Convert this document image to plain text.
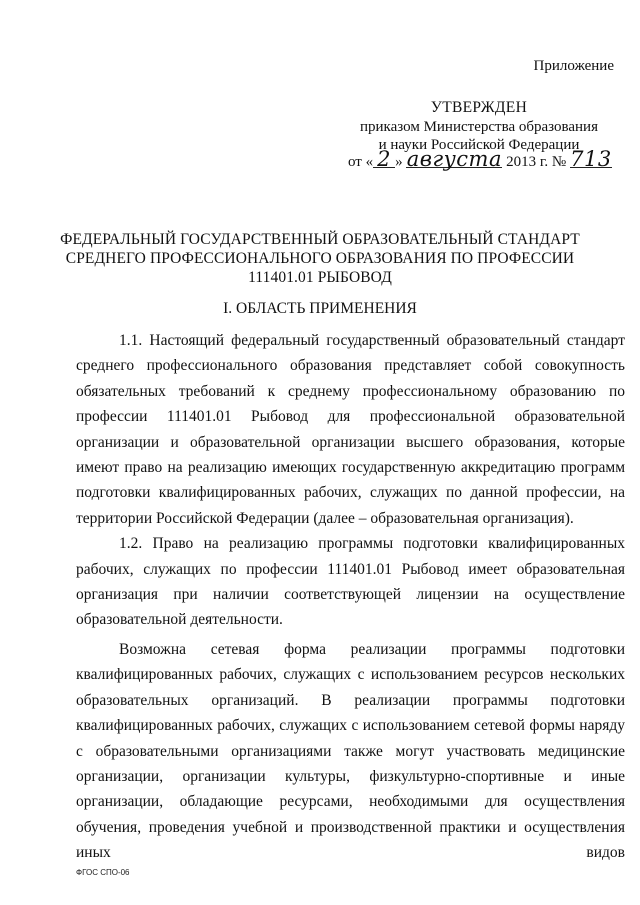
Приложение
УТВЕРЖДЕН
приказом Министерства образования
и науки Российской Федерации
от « 2 » августа 2013 г. № 713
ФЕДЕРАЛЬНЫЙ ГОСУДАРСТВЕННЫЙ ОБРАЗОВАТЕЛЬНЫЙ СТАНДАРТ
СРЕДНЕГО ПРОФЕССИОНАЛЬНОГО ОБРАЗОВАНИЯ ПО ПРОФЕССИИ
111401.01 РЫБОВОД
I. ОБЛАСТЬ ПРИМЕНЕНИЯ

1.1. Настоящий федеральный государственный образовательный стандарт среднего профессионального образования представляет собой совокупность обязательных требований к среднему профессиональному образованию по профессии 111401.01 Рыбовод для профессиональной образовательной организации и образовательной организации высшего образования, которые имеют право на реализацию имеющих государственную аккредитацию программ подготовки квалифицированных рабочих, служащих по данной профессии, на территории Российской Федерации (далее – образовательная организация).

1.2. Право на реализацию программы подготовки квалифицированных рабочих, служащих по профессии 111401.01 Рыбовод имеет образовательная организация при наличии соответствующей лицензии на осуществление образовательной деятельности.

Возможна сетевая форма реализации программы подготовки квалифицированных рабочих, служащих с использованием ресурсов нескольких образовательных организаций. В реализации программы подготовки квалифицированных рабочих, служащих с использованием сетевой формы наряду с образовательными организациями также могут участвовать медицинские организации, организации культуры, физкультурно-спортивные и иные организации, обладающие ресурсами, необходимыми для осуществления обучения, проведения учебной и производственной практики и осуществления иных видов

ФГОС СПО-06
